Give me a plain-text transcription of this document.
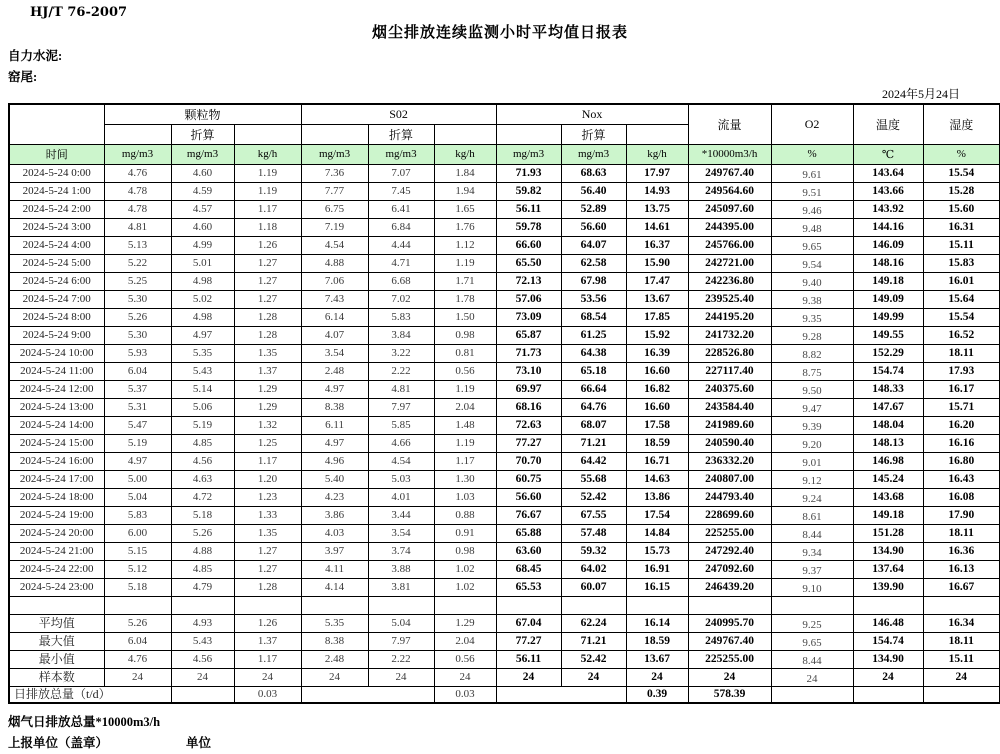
HJ/T 76-2007
烟尘排放连续监测小时平均值日报表
自力水泥:
窑尾:
2024年5月24日
	颗粒物			S02			Nox			流量	O2	温度	湿度
		折算			折算			折算					
时间	mg/m3	mg/m3	kg/h	mg/m3	mg/m3	kg/h	mg/m3	mg/m3	kg/h	*10000m3/h	%	℃	%
2024-5-24 0:00	4.76	4.60	1.19	7.36	7.07	1.84	71.93	68.63	17.97	249767.40	9.61	143.64	15.54
2024-5-24 1:00	4.78	4.59	1.19	7.77	7.45	1.94	59.82	56.40	14.93	249564.60	9.51	143.66	15.28
2024-5-24 2:00	4.78	4.57	1.17	6.75	6.41	1.65	56.11	52.89	13.75	245097.60	9.46	143.92	15.60
2024-5-24 3:00	4.81	4.60	1.18	7.19	6.84	1.76	59.78	56.60	14.61	244395.00	9.48	144.16	16.31
2024-5-24 4:00	5.13	4.99	1.26	4.54	4.44	1.12	66.60	64.07	16.37	245766.00	9.65	146.09	15.11
2024-5-24 5:00	5.22	5.01	1.27	4.88	4.71	1.19	65.50	62.58	15.90	242721.00	9.54	148.16	15.83
2024-5-24 6:00	5.25	4.98	1.27	7.06	6.68	1.71	72.13	67.98	17.47	242236.80	9.40	149.18	16.01
2024-5-24 7:00	5.30	5.02	1.27	7.43	7.02	1.78	57.06	53.56	13.67	239525.40	9.38	149.09	15.64
2024-5-24 8:00	5.26	4.98	1.28	6.14	5.83	1.50	73.09	68.54	17.85	244195.20	9.35	149.99	15.54
2024-5-24 9:00	5.30	4.97	1.28	4.07	3.84	0.98	65.87	61.25	15.92	241732.20	9.28	149.55	16.52
2024-5-24 10:00	5.93	5.35	1.35	3.54	3.22	0.81	71.73	64.38	16.39	228526.80	8.82	152.29	18.11
2024-5-24 11:00	6.04	5.43	1.37	2.48	2.22	0.56	73.10	65.18	16.60	227117.40	8.75	154.74	17.93
2024-5-24 12:00	5.37	5.14	1.29	4.97	4.81	1.19	69.97	66.64	16.82	240375.60	9.50	148.33	16.17
2024-5-24 13:00	5.31	5.06	1.29	8.38	7.97	2.04	68.16	64.76	16.60	243584.40	9.47	147.67	15.71
2024-5-24 14:00	5.47	5.19	1.32	6.11	5.85	1.48	72.63	68.07	17.58	241989.60	9.39	148.04	16.20
2024-5-24 15:00	5.19	4.85	1.25	4.97	4.66	1.19	77.27	71.21	18.59	240590.40	9.20	148.13	16.16
2024-5-24 16:00	4.97	4.56	1.17	4.96	4.54	1.17	70.70	64.42	16.71	236332.20	9.01	146.98	16.80
2024-5-24 17:00	5.00	4.63	1.20	5.40	5.03	1.30	60.75	55.68	14.63	240807.00	9.12	145.24	16.43
2024-5-24 18:00	5.04	4.72	1.23	4.23	4.01	1.03	56.60	52.42	13.86	244793.40	9.24	143.68	16.08
2024-5-24 19:00	5.83	5.18	1.33	3.86	3.44	0.88	76.67	67.55	17.54	228699.60	8.61	149.18	17.90
2024-5-24 20:00	6.00	5.26	1.35	4.03	3.54	0.91	65.88	57.48	14.84	225255.00	8.44	151.28	18.11
2024-5-24 21:00	5.15	4.88	1.27	3.97	3.74	0.98	63.60	59.32	15.73	247292.40	9.34	134.90	16.36
2024-5-24 22:00	5.12	4.85	1.27	4.11	3.88	1.02	68.45	64.02	16.91	247092.60	9.37	137.64	16.13
2024-5-24 23:00	5.18	4.79	1.28	4.14	3.81	1.02	65.53	60.07	16.15	246439.20	9.10	139.90	16.67

平均值	5.26	4.93	1.26	5.35	5.04	1.29	67.04	62.24	16.14	240995.70	9.25	146.48	16.34
最大值	6.04	5.43	1.37	8.38	7.97	2.04	77.27	71.21	18.59	249767.40	9.65	154.74	18.11
最小值	4.76	4.56	1.17	2.48	2.22	0.56	56.11	52.42	13.67	225255.00	8.44	134.90	15.11
样本数	24	24	24	24	24	24	24	24	24	24	24	24	24
日排放总量（t/d）			0.03			0.03			0.39	578.39			
烟气日排放总量*10000m3/h
上报单位（盖章）	单位
